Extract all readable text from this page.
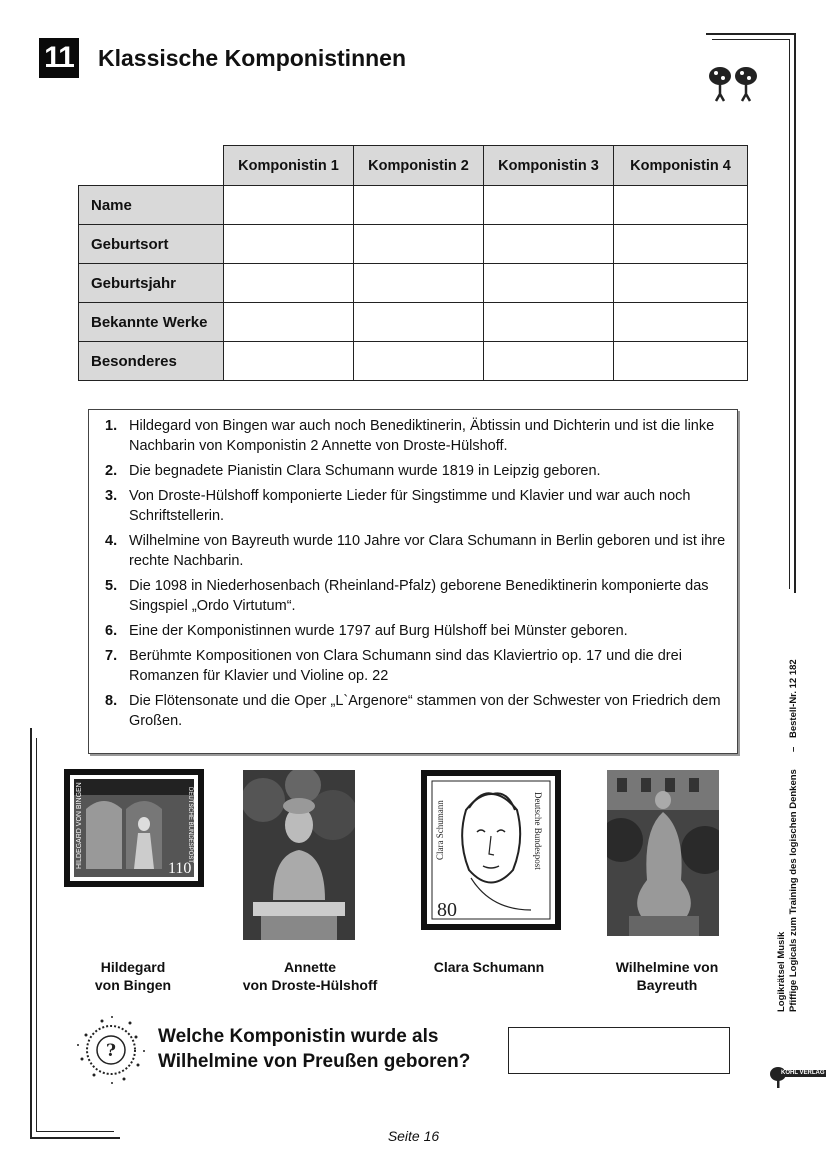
11 Klassische Komponistinnen
	Komponistin 1	Komponistin 2	Komponistin 3	Komponistin 4
Name				
Geburtsort				
Geburtsjahr				
Bekannte Werke				
Besonderes				
1. Hildegard von Bingen war auch noch Benediktinerin, Äbtissin und Dichterin und ist die linke Nachbarin von Komponistin 2 Annette von Droste-Hülshoff.
2. Die begnadete Pianistin Clara Schumann wurde 1819 in Leipzig geboren.
3. Von Droste-Hülshoff komponierte Lieder für Singstimme und Klavier und war auch noch Schriftstellerin.
4. Wilhelmine von Bayreuth wurde 110 Jahre vor Clara Schumann in Berlin geboren und ist ihre rechte Nachbarin.
5. Die 1098 in Niederhosenbach (Rheinland-Pfalz) geborene Benediktinerin komponierte das Singspiel „Ordo Virtutum“.
6. Eine der Komponistinnen wurde 1797 auf Burg Hülshoff bei Münster geboren.
7. Berühmte Kompositionen von Clara Schumann sind das Klaviertrio op. 17 und die drei Romanzen für Klavier und Violine op. 22
8. Die Flötensonate und die Oper „L`Argenore“ stammen von der Schwester von Friedrich dem Großen.
HILDEGARD VON BINGEN	DEUTSCHE BUNDESPOST
110
Clara Schumann	Deutsche Bundespost
80
Hildegard
von Bingen
Annette
von Droste-Hülshoff
Clara Schumann	Wilhelmine von
Bayreuth
?
Welche Komponistin wurde als
Wilhelmine von Preußen geboren?
Logikrätsel Musik Pfiffige Logicals zum Training des logischen Denkens
–
Bestell-Nr. 12 182
KOHL VERLAG
Seite 16
